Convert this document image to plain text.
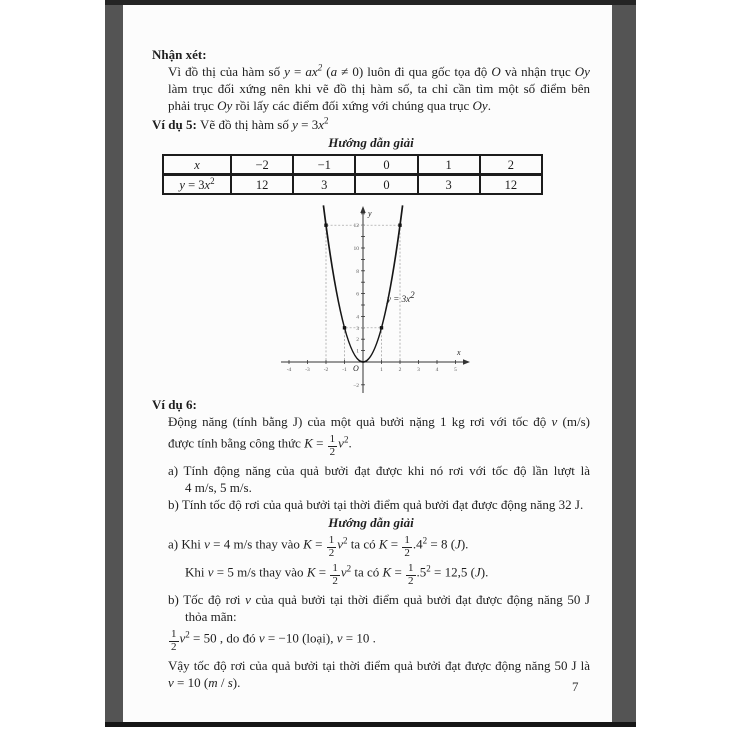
Nhận xét:
Vì đồ thị của hàm số $y = ax^2$ (a ≠ 0) luôn đi qua gốc tọa độ O và nhận trục Oy
làm trục đối xứng nên khi vẽ đồ thị hàm số, ta chỉ cần tìm một số điểm bên
phải trục Oy rồi lấy các điểm đối xứng với chúng qua trục Oy.
Ví dụ 5: Vẽ đồ thị hàm số $y = 3x^2$
Hướng dẫn giải
x	−2	−1	0	1	2
$y = 3x^2$	12	3	0	3	12
y
x
O
-4	-3	-2	-1	1	2	3	4	5
1
2
3
4
6
8
10
12
−2
y = 3x2
Ví dụ 6:
Động năng (tính bằng J) của một quả bưởi nặng 1 kg rơi với tốc độ v (m/s)
được tính bằng công thức $K = \frac{1}{2} v^2$.
a) Tính động năng của quả bưởi đạt được khi nó rơi với tốc độ lần lượt là
4 m/s, 5 m/s.
b) Tính tốc độ rơi của quả bưởi tại thời điểm quả bưởi đạt được động năng 32 J.
Hướng dẫn giải
a) Khi v = 4 m/s thay vào $K = \frac{1}{2} v^2$ ta có $K = \frac{1}{2} .4^2 = 8$ (J).
Khi v = 5 m/s thay vào $K = \frac{1}{2} v^2$ ta có $K = \frac{1}{2} .5^2 = 12,5$ (J).
b) Tốc độ rơi v của quả bưởi tại thời điểm quả bưởi đạt được động năng 50 J
thỏa mãn:
$\frac{1}{2} v^2 = 50$ , do đó v = −10 (loại), v = 10 .
Vậy tốc độ rơi của quả bưởi tại thời điểm quả bưởi đạt được động năng 50 J là
v = 10 (m / s).	7
